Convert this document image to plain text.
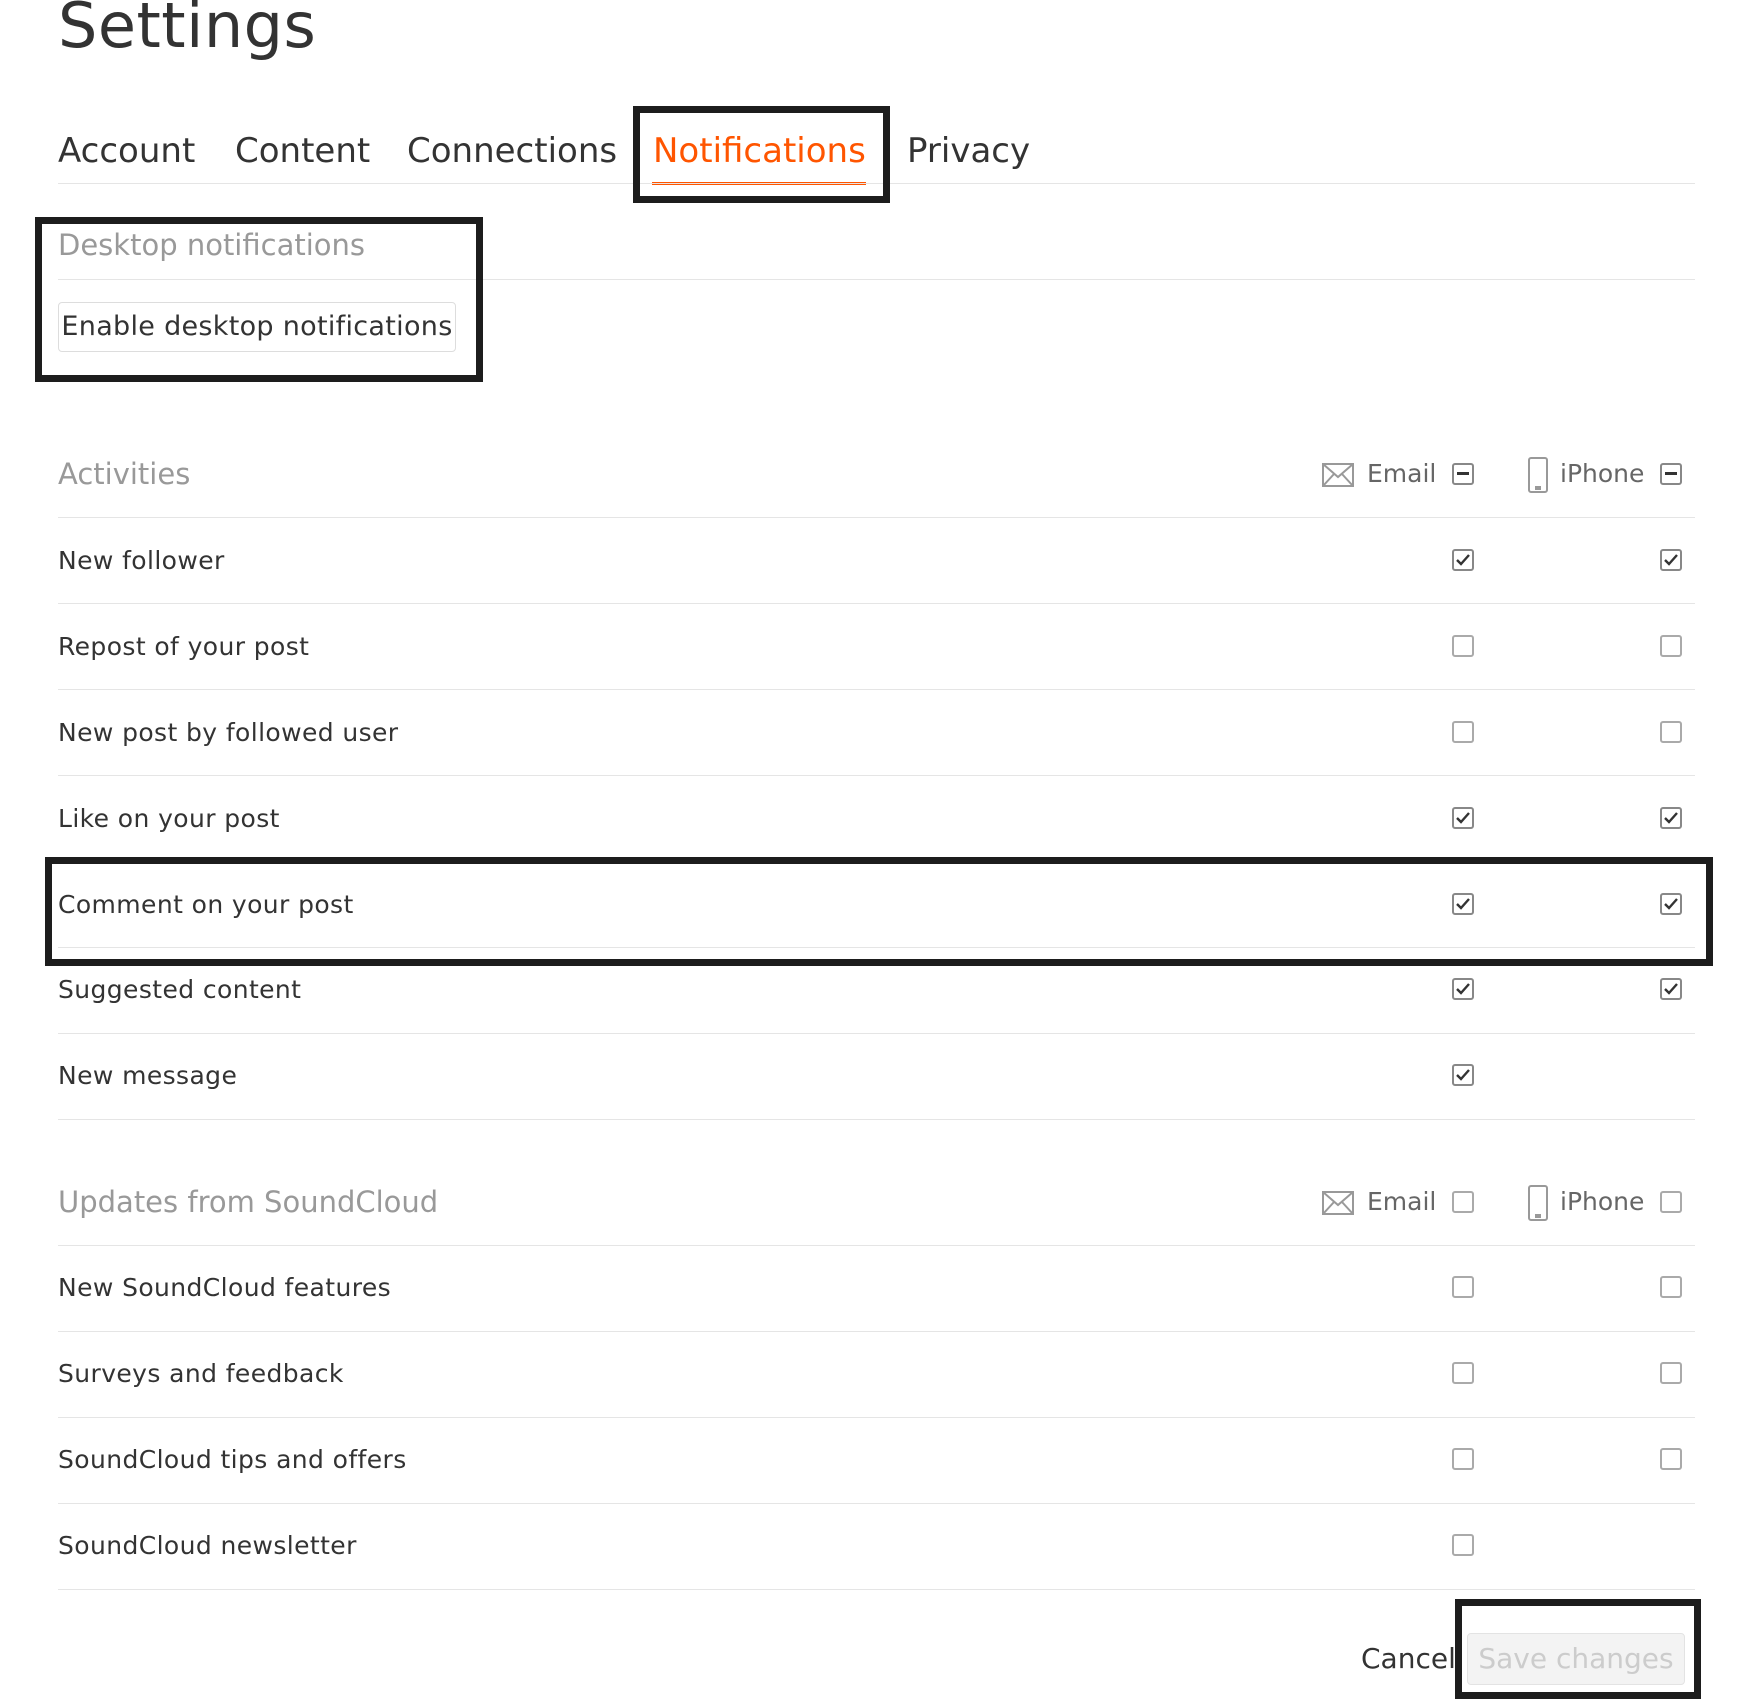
Settings
Account Content Connections Notifications Privacy
Desktop notifications
Enable desktop notifications
Activities	Email	iPhone
New follower
Repost of your post
New post by followed user
Like on your post
Comment on your post
Suggested content
New message
Updates from SoundCloud	Email	iPhone
New SoundCloud features
Surveys and feedback
SoundCloud tips and offers
SoundCloud newsletter
Cancel Save changes
